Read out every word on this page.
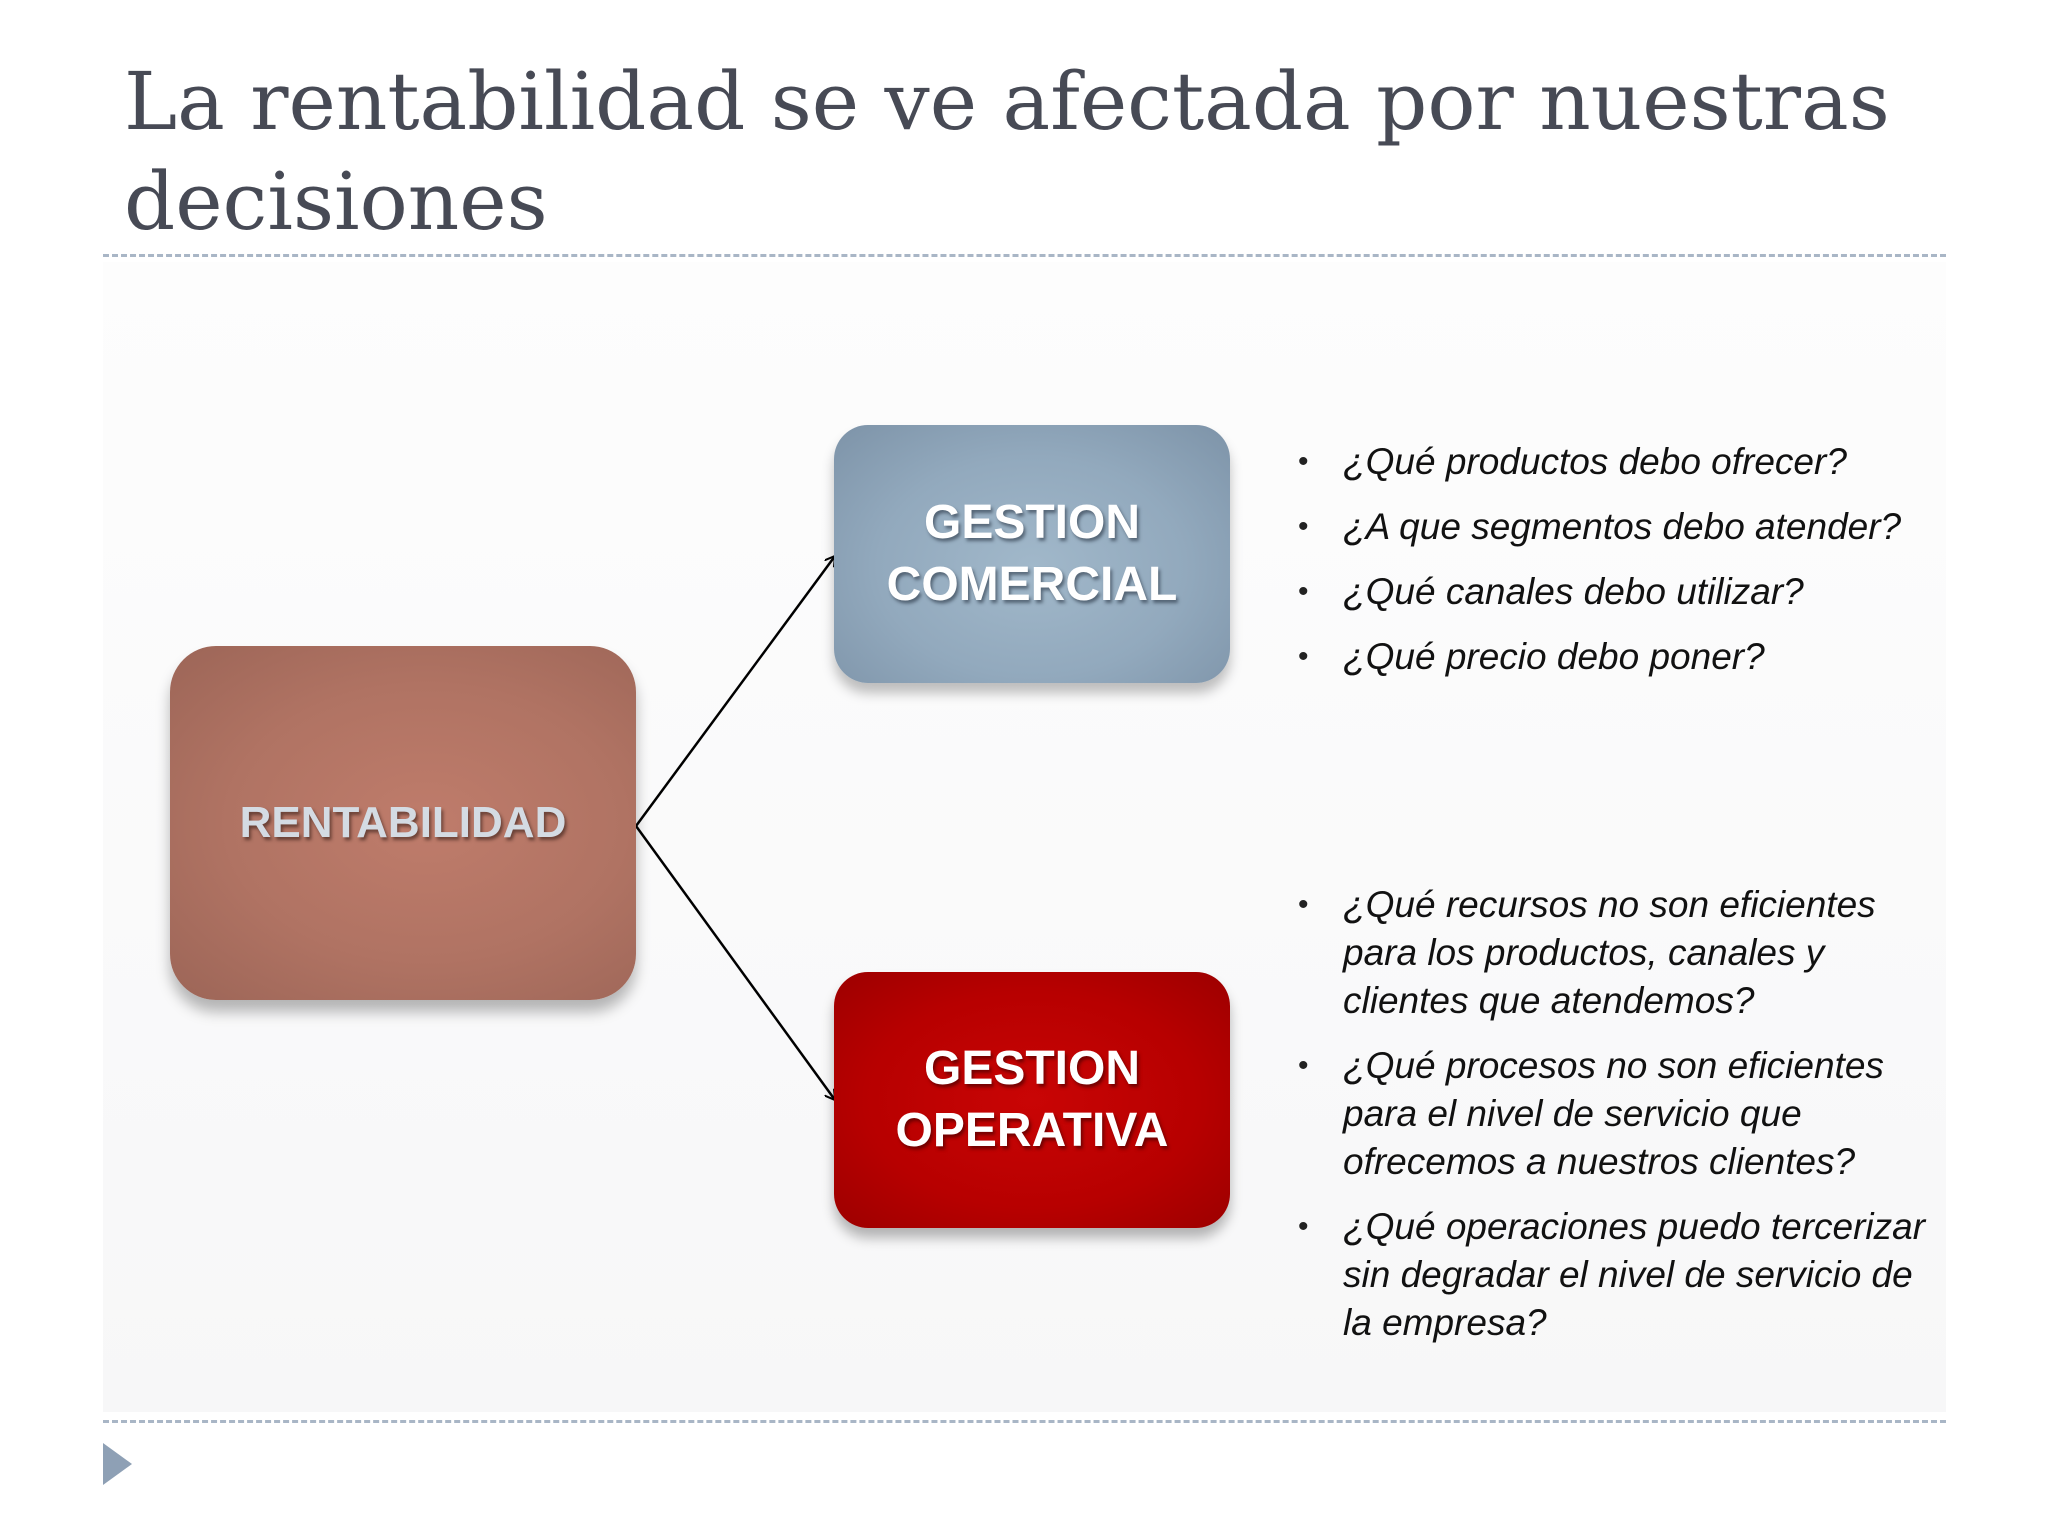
La rentabilidad se ve afectada por nuestras decisiones
RENTABILIDAD
GESTION
COMERCIAL
GESTION
OPERATIVA
• ¿Qué productos debo ofrecer?
• ¿A que segmentos debo atender?
• ¿Qué canales debo utilizar?
• ¿Qué precio debo poner?
• ¿Qué recursos no son eficientes para los productos, canales y clientes que atendemos?
• ¿Qué procesos no son eficientes para el nivel de servicio que ofrecemos a nuestros clientes?
• ¿Qué operaciones puedo tercerizar sin degradar el nivel de servicio de la empresa?
